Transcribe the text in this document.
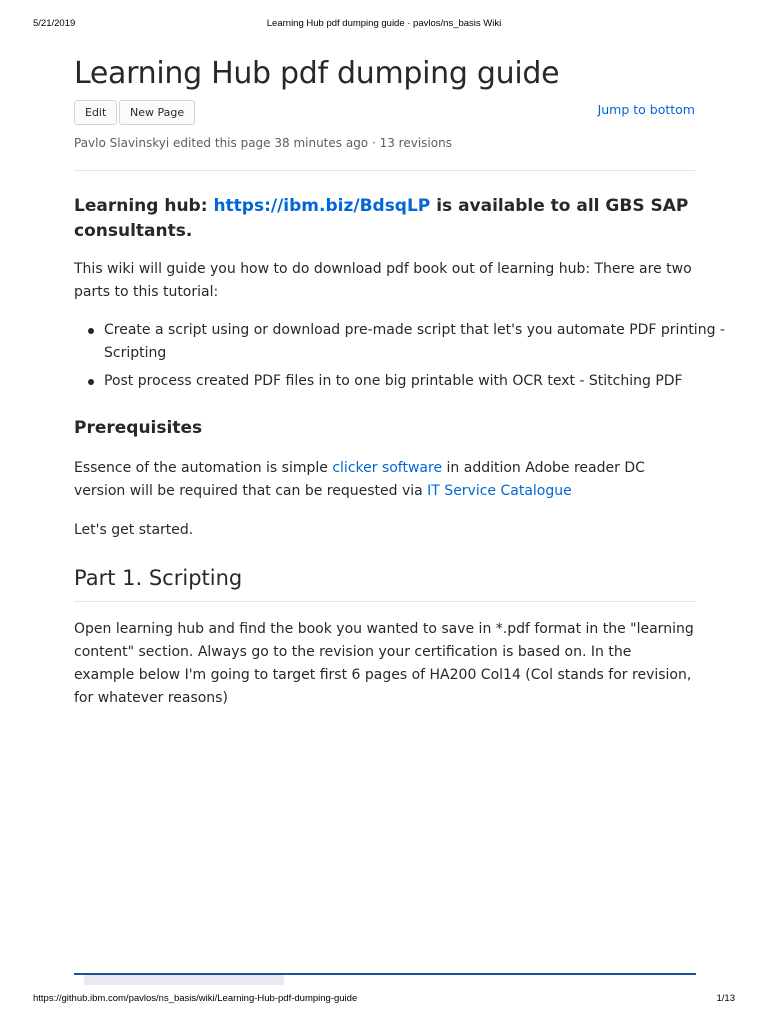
5/21/2019	Learning Hub pdf dumping guide · pavlos/ns_basis Wiki
Learning Hub pdf dumping guide
Edit	New Page	Jump to bottom
Pavlo Slavinskyi edited this page 38 minutes ago · 13 revisions

Learning hub: https://ibm.biz/BdsqLP is available to all GBS SAP consultants.

This wiki will guide you how to do download pdf book out of learning hub: There are two parts to this tutorial:

Create a script using or download pre-made script that let's you automate PDF printing - Scripting
Post process created PDF files in to one big printable with OCR text - Stitching PDF
Prerequisites

Essence of the automation is simple clicker software in addition Adobe reader DC version will be required that can be requested via IT Service Catalogue

Let's get started.

Part 1. Scripting

Open learning hub and find the book you wanted to save in *.pdf format in the "learning content" section. Always go to the revision your certification is based on. In the example below I'm going to target first 6 pages of HA200 Col14 (Col stands for revision, for whatever reasons)

https://github.ibm.com/pavlos/ns_basis/wiki/Learning-Hub-pdf-dumping-guide	1/13
